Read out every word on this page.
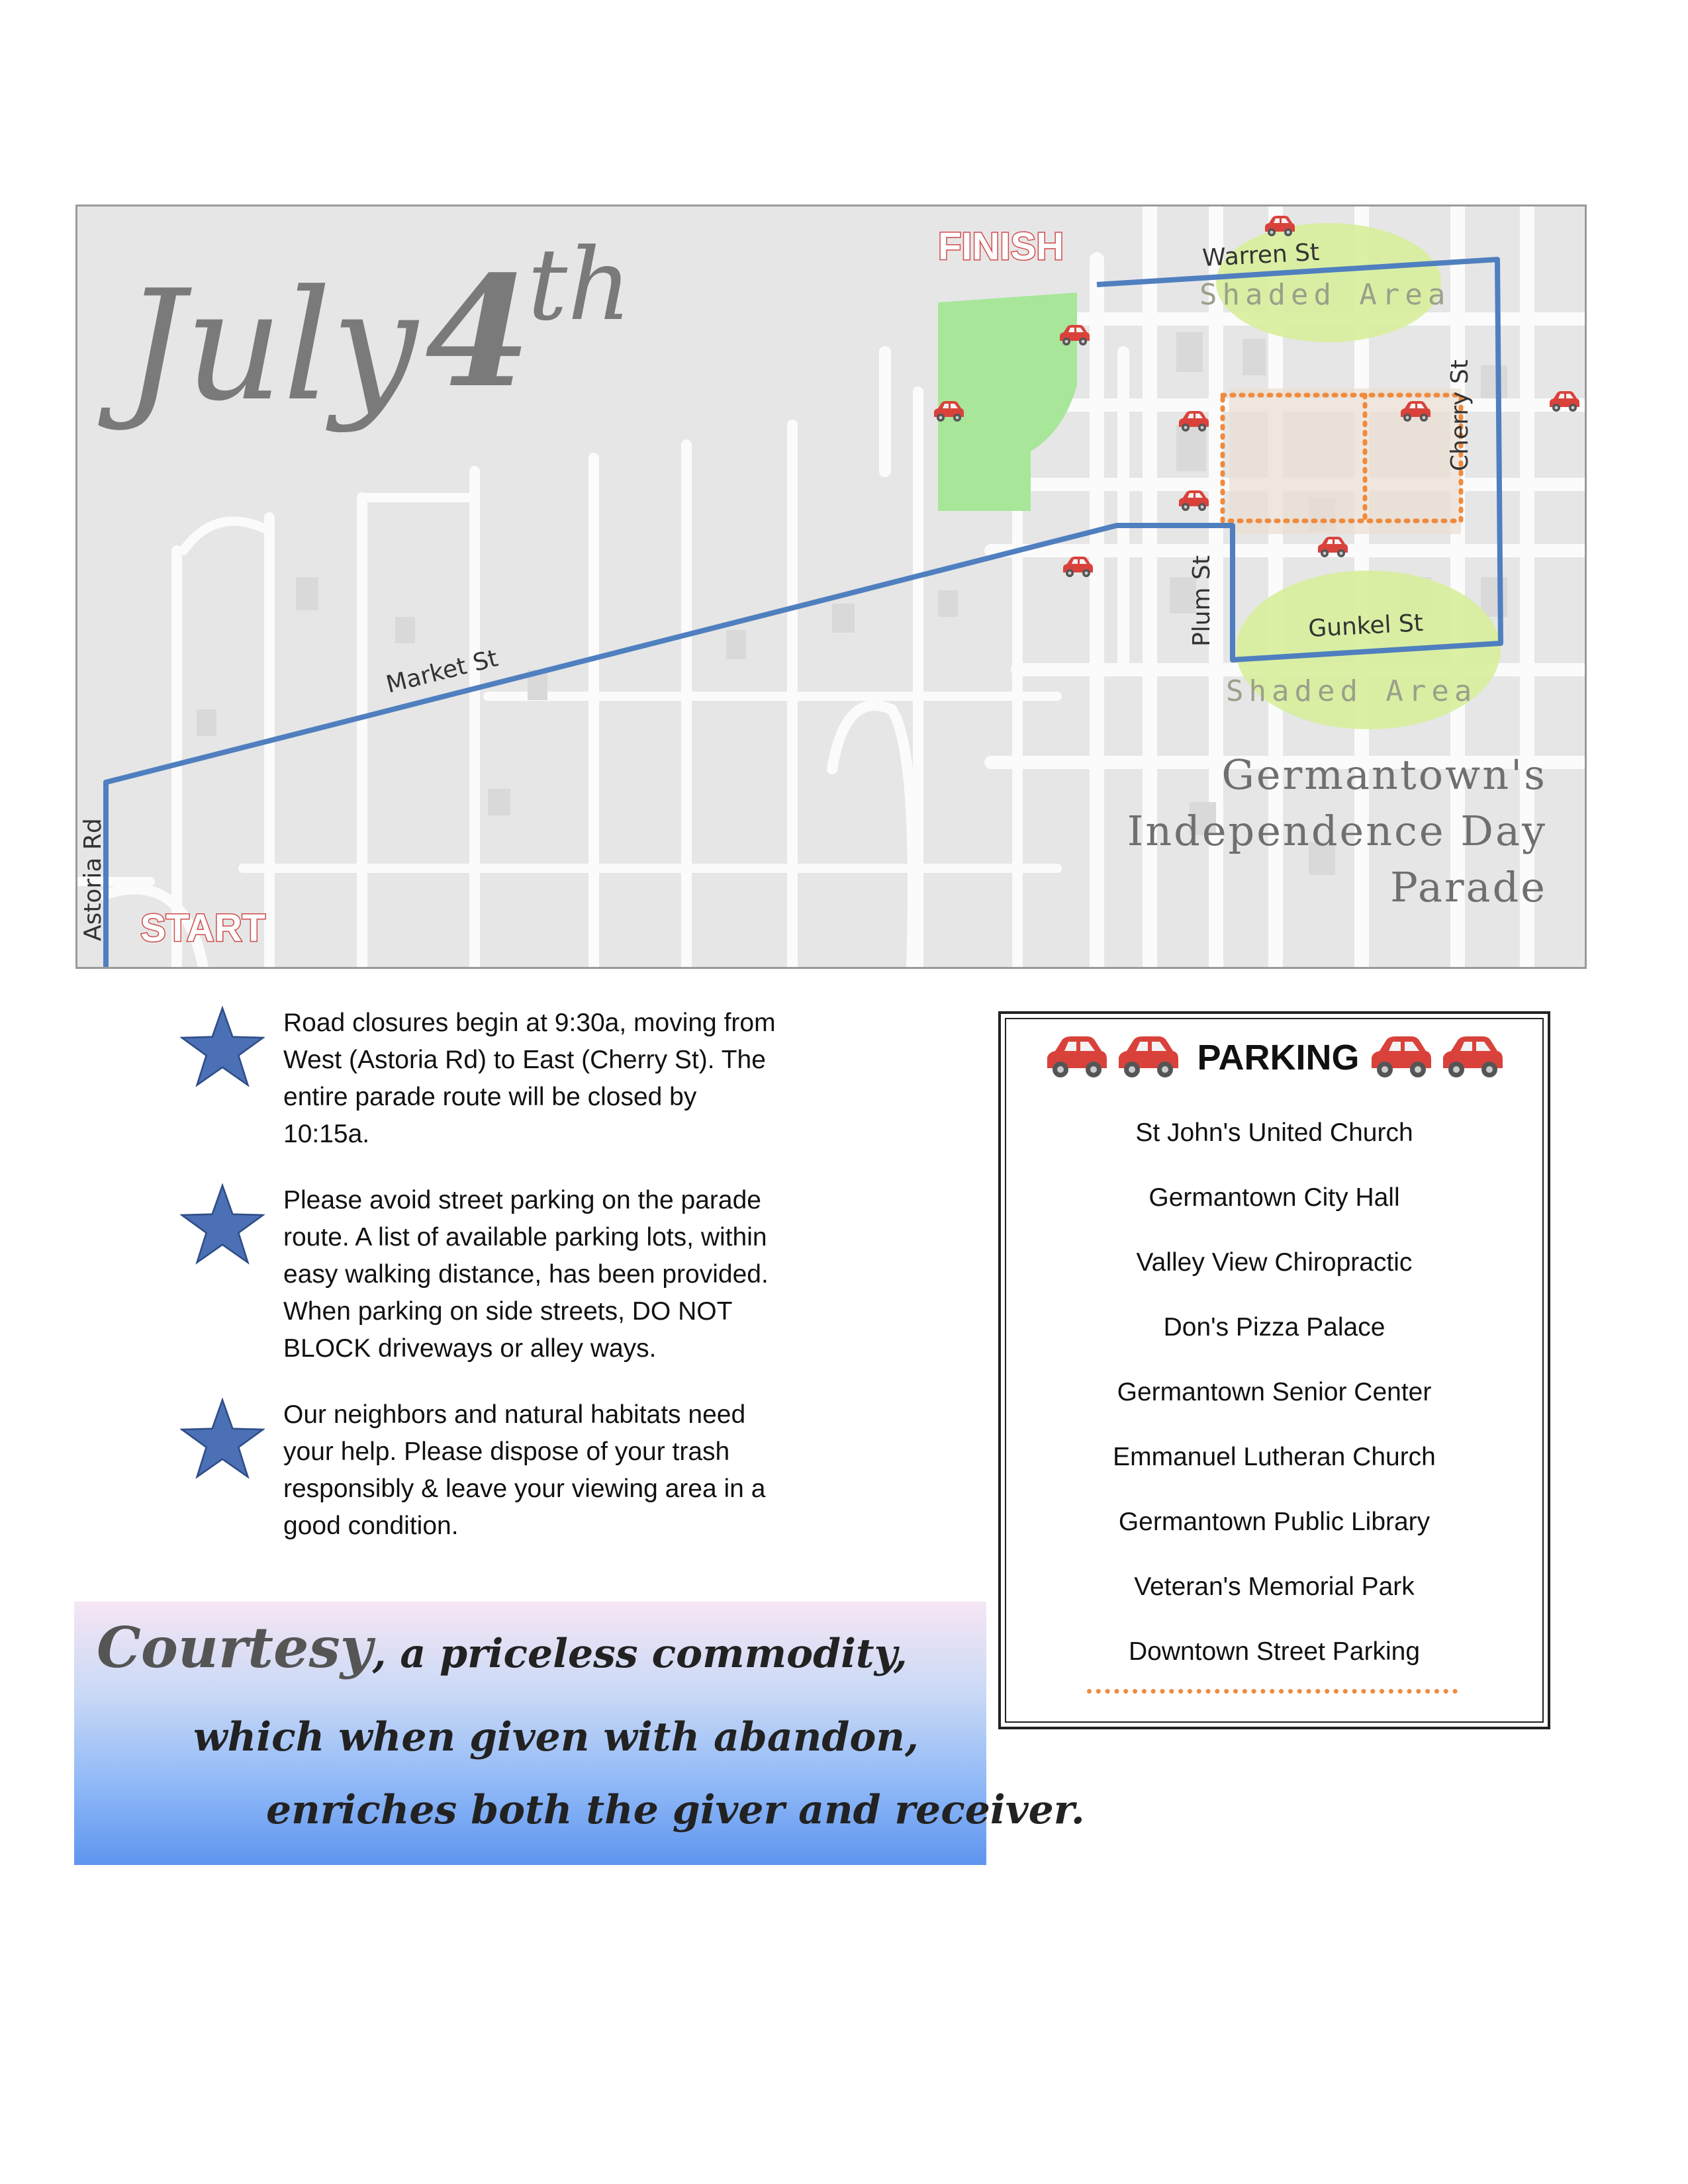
July 4
th	FINISH
START
Warren St
Cherry St
Plum St	Gunkel St
Market St
Astoria Rd
Shaded Area
Shaded Area
Germantown's
Independence Day
Parade

Road closures begin at 9:30a, moving from West (Astoria Rd) to East (Cherry St). The entire parade route will be closed by 10:15a.

Please avoid street parking on the parade route. A list of available parking lots, within easy walking distance, has been provided. When parking on side streets, DO NOT BLOCK driveways or alley ways.

Our neighbors and natural habitats need your help. Please dispose of your trash responsibly & leave your viewing area in a good condition.

Courtesy, a priceless commodity,
which when given with abandon,
enriches both the giver and receiver.
PARKING
St John's United Church
Germantown City Hall
Valley View Chiropractic
Don's Pizza Palace
Germantown Senior Center
Emmanuel Lutheran Church
Germantown Public Library
Veteran's Memorial Park
Downtown Street Parking
